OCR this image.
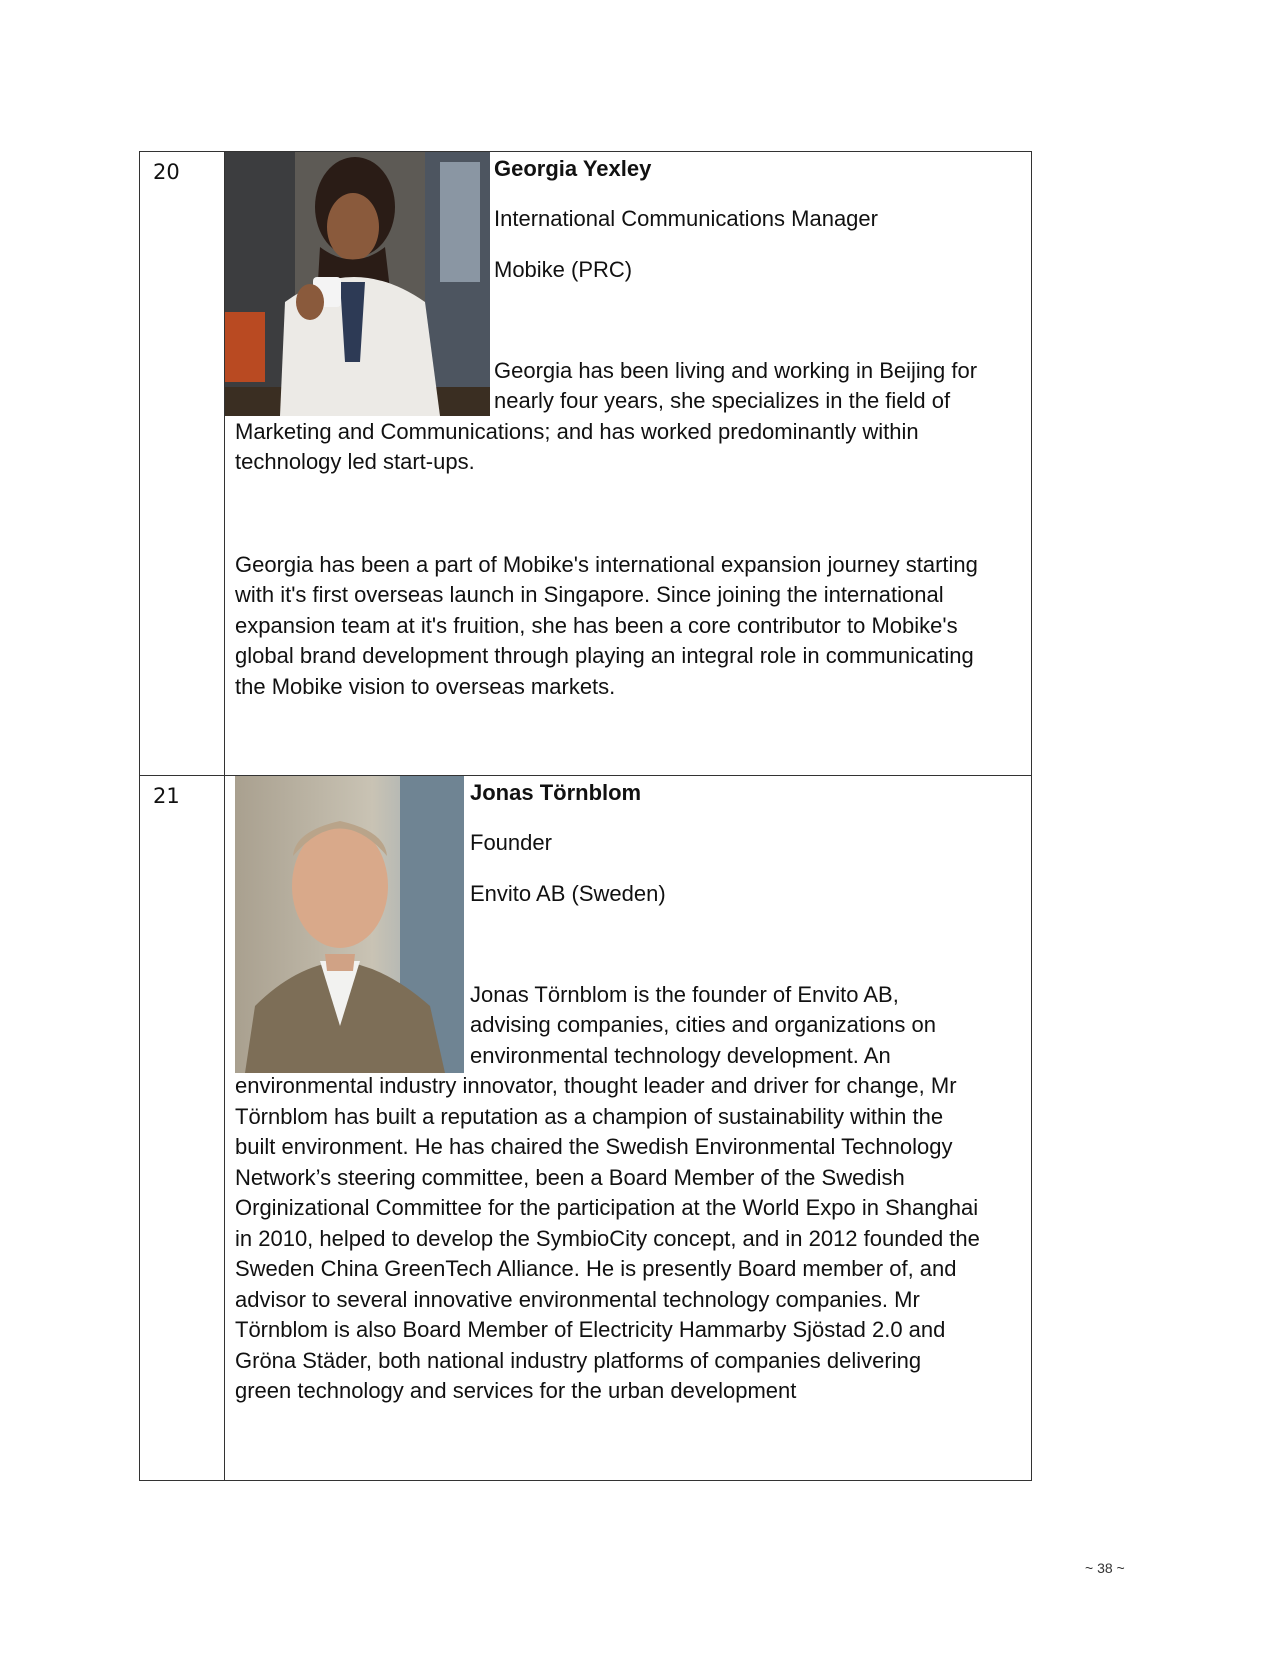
20	Georgia Yexley

International Communications Manager

Mobike (PRC)

Georgia has been living and working in Beijing for

nearly four years, she specializes in the field of

Marketing and Communications; and has worked predominantly within

technology led start-ups.

Georgia has been a part of Mobike's international expansion journey starting

with it's first overseas launch in Singapore. Since joining the international

expansion team at it's fruition, she has been a core contributor to Mobike's

global brand development through playing an integral role in communicating

the Mobike vision to overseas markets.

21	Jonas Törnblom

Founder

Envito AB (Sweden)

Jonas Törnblom is the founder of Envito AB,

advising companies, cities and organizations on

environmental technology development. An

environmental industry innovator, thought leader and driver for change, Mr

Törnblom has built a reputation as a champion of sustainability within the

built environment. He has chaired the Swedish Environmental Technology

Network’s steering committee, been a Board Member of the Swedish

Orginizational Committee for the participation at the World Expo in Shanghai

in 2010, helped to develop the SymbioCity concept, and in 2012 founded the

Sweden China GreenTech Alliance. He is presently Board member of, and

advisor to several innovative environmental technology companies. Mr

Törnblom is also Board Member of Electricity Hammarby Sjöstad 2.0 and

Gröna Städer, both national industry platforms of companies delivering

green technology and services for the urban development

~ 38 ~
